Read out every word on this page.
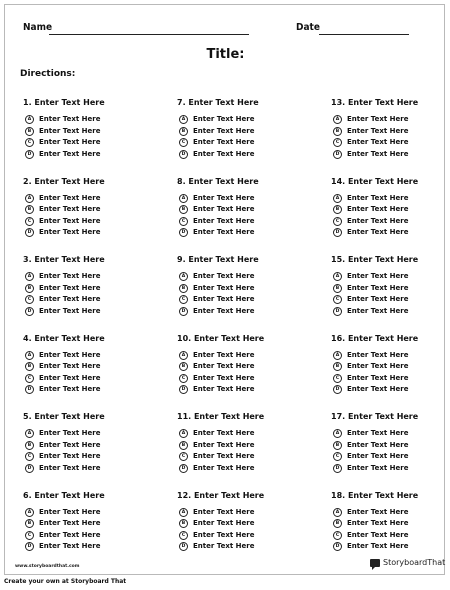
Name	Date
Title:
Directions:
1. Enter Text Here
A	Enter Text Here
B	Enter Text Here
C	Enter Text Here
D	Enter Text Here
2. Enter Text Here
A	Enter Text Here
B	Enter Text Here
C	Enter Text Here
D	Enter Text Here
3. Enter Text Here
A	Enter Text Here
B	Enter Text Here
C	Enter Text Here
D	Enter Text Here
4. Enter Text Here
A	Enter Text Here
B	Enter Text Here
C	Enter Text Here
D	Enter Text Here
5. Enter Text Here
A	Enter Text Here
B	Enter Text Here
C	Enter Text Here
D	Enter Text Here
6. Enter Text Here
A	Enter Text Here
B	Enter Text Here
C	Enter Text Here
D	Enter Text Here
7. Enter Text Here
A	Enter Text Here
B	Enter Text Here
C	Enter Text Here
D	Enter Text Here
8. Enter Text Here
A	Enter Text Here
B	Enter Text Here
C	Enter Text Here
D	Enter Text Here
9. Enter Text Here
A	Enter Text Here
B	Enter Text Here
C	Enter Text Here
D	Enter Text Here
10. Enter Text Here
A	Enter Text Here
B	Enter Text Here
C	Enter Text Here
D	Enter Text Here
11. Enter Text Here
A	Enter Text Here
B	Enter Text Here
C	Enter Text Here
D	Enter Text Here
12. Enter Text Here
A	Enter Text Here
B	Enter Text Here
C	Enter Text Here
D	Enter Text Here
13. Enter Text Here
A	Enter Text Here
B	Enter Text Here
C	Enter Text Here
D	Enter Text Here
14. Enter Text Here
A	Enter Text Here
B	Enter Text Here
C	Enter Text Here
D	Enter Text Here
15. Enter Text Here
A	Enter Text Here
B	Enter Text Here
C	Enter Text Here
D	Enter Text Here
16. Enter Text Here
A	Enter Text Here
B	Enter Text Here
C	Enter Text Here
D	Enter Text Here
17. Enter Text Here
A	Enter Text Here
B	Enter Text Here
C	Enter Text Here
D	Enter Text Here
18. Enter Text Here
A	Enter Text Here
B	Enter Text Here
C	Enter Text Here
D	Enter Text Here
www.storyboardthat.com	StoryboardThat
Create your own at Storyboard That
